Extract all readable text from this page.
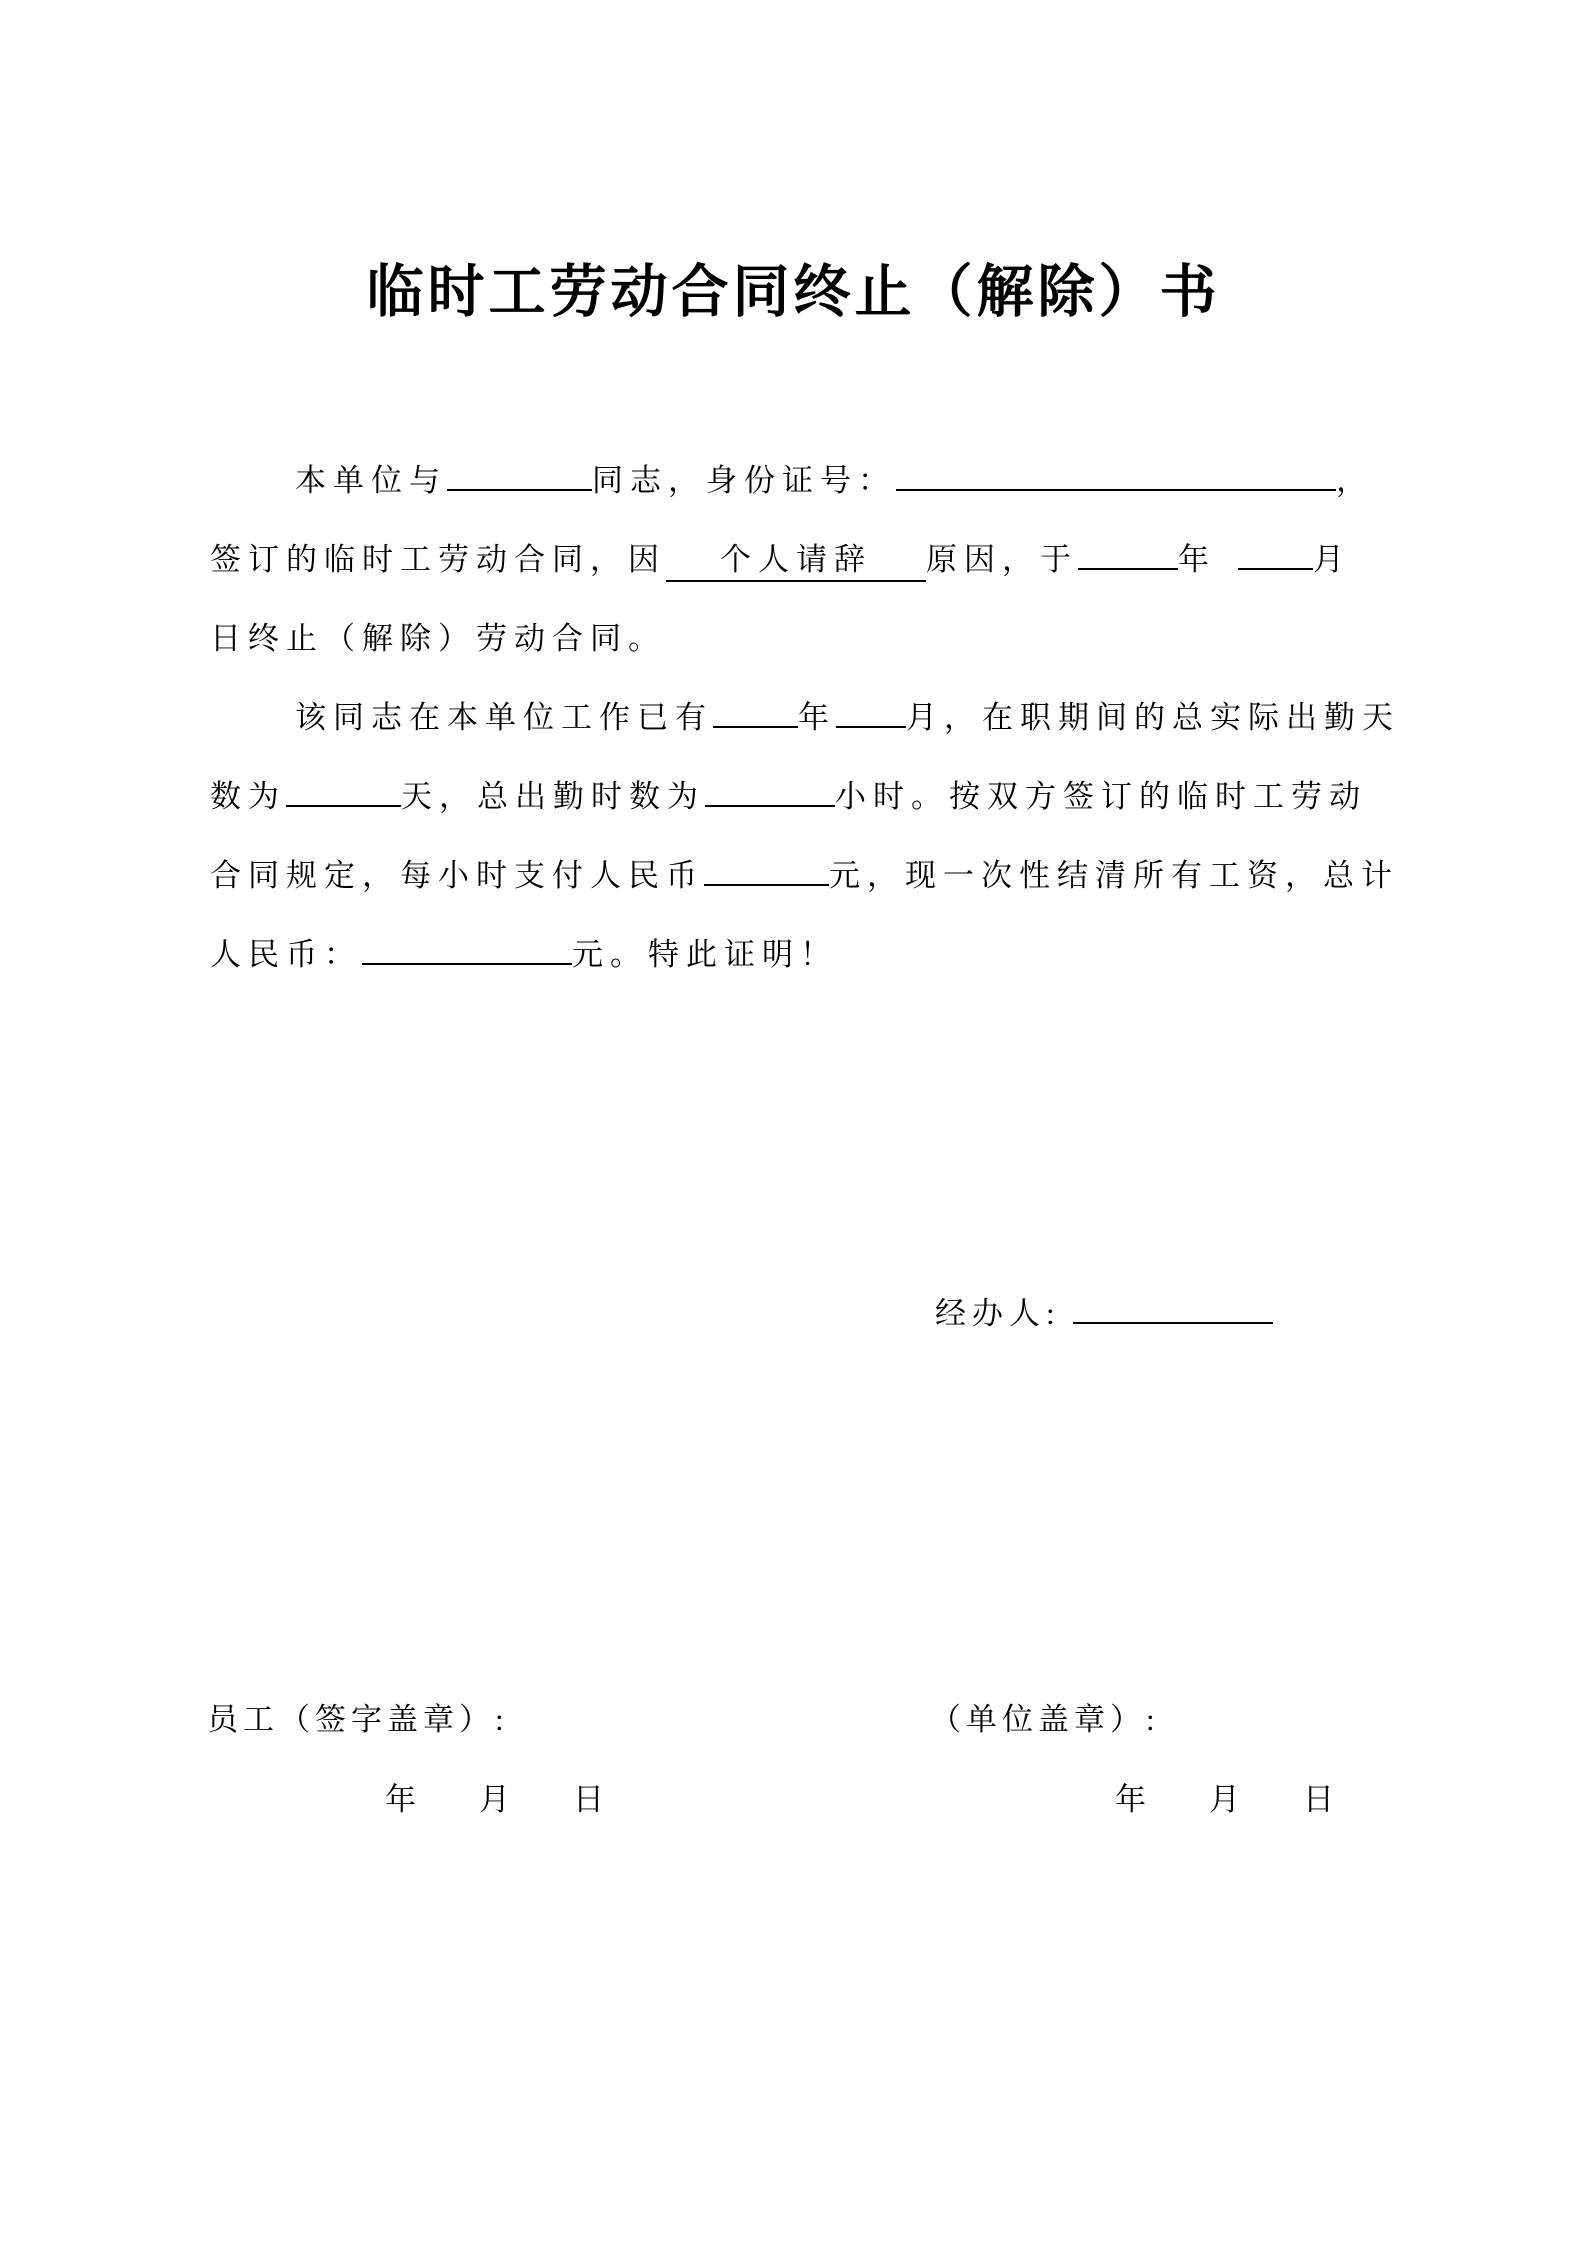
临时工劳动合同终止（解除）书
本单位与	同志，身份证号：	，
签订的临时工劳动合同，因 个人请辞 原因，于	年	月
日终止（解除）劳动合同。
该同志在本单位工作已有	年 月，在职期间的总实际出勤天
数为	天，总出勤时数为	小时。按双方签订的临时工劳动
合同规定，每小时支付人民币	元，现一次性结清所有工资，总计
人民币：	元。特此证明！
经办人:
员工（签字盖章）:	（单位盖章）:
年 月 日	年 月 日
